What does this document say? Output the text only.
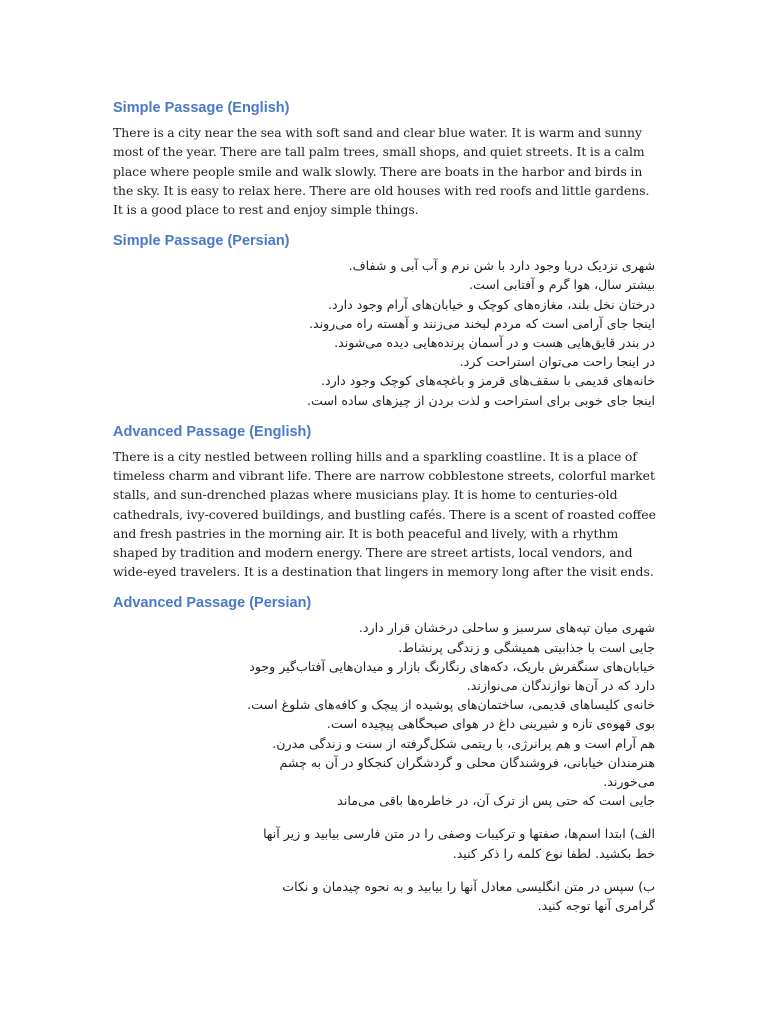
Simple Passage (English)

There is a city near the sea with soft sand and clear blue water. It is warm and sunny most of the year. There are tall palm trees, small shops, and quiet streets. It is a calm place where people smile and walk slowly. There are boats in the harbor and birds in the sky. It is easy to relax here. There are old houses with red roofs and little gardens. It is a good place to rest and enjoy simple things.

Simple Passage (Persian)
شهری نزدیک دریا وجود دارد با شن نرم و آب آبی و شفاف.
بیشتر سال، هوا گرم و آفتابی است.
درختان نخل بلند، مغازه‌های کوچک و خیابان‌های آرام وجود دارد.
اینجا جای آرامی است که مردم لبخند می‌زنند و آهسته راه می‌روند.
در بندر قایق‌هایی هست و در آسمان پرنده‌هایی دیده می‌شوند.
در اینجا راحت می‌توان استراحت کرد.
خانه‌های قدیمی با سقف‌های قرمز و باغچه‌های کوچک وجود دارد.
اینجا جای خوبی برای استراحت و لذت بردن از چیزهای ساده است.
Advanced Passage (English)

There is a city nestled between rolling hills and a sparkling coastline. It is a place of timeless charm and vibrant life. There are narrow cobblestone streets, colorful market stalls, and sun-drenched plazas where musicians play. It is home to centuries-old cathedrals, ivy-covered buildings, and bustling cafés. There is a scent of roasted coffee and fresh pastries in the morning air. It is both peaceful and lively, with a rhythm shaped by tradition and modern energy. There are street artists, local vendors, and wide-eyed travelers. It is a destination that lingers in memory long after the visit ends.

Advanced Passage (Persian)
شهری میان تپه‌های سرسبز و ساحلی درخشان قرار دارد.
جایی است با جذابیتی همیشگی و زندگی پرنشاط.
خیابان‌های سنگفرش باریک، دکه‌های رنگارنگ بازار و میدان‌هایی آفتاب‌گیر وجود
دارد که در آن‌ها نوازندگان می‌نوازند.
خانه‌ی کلیساهای قدیمی، ساختمان‌های پوشیده از پیچک و کافه‌های شلوغ است.
بوی قهوه‌ی تازه و شیرینی داغ در هوای صبحگاهی پیچیده است.
هم آرام است و هم پرانرژی، با ریتمی شکل‌گرفته از سنت و زندگی مدرن.
هنرمندان خیابانی، فروشندگان محلی و گردشگران کنجکاو در آن به چشم
می‌خورند.
جایی است که حتی پس از ترک آن، در خاطره‌ها باقی می‌ماند
الف) ابتدا اسم‌ها، صفتها و ترکیبات وصفی را در متن فارسی بیابید و زیر آنها
خط بکشید. لطفا نوع کلمه را ذکر کنید.
ب) سپس در متن انگلیسی معادل آنها را بیابید و به نحوه چیدمان و نکات
گرامری آنها توجه کنید.
